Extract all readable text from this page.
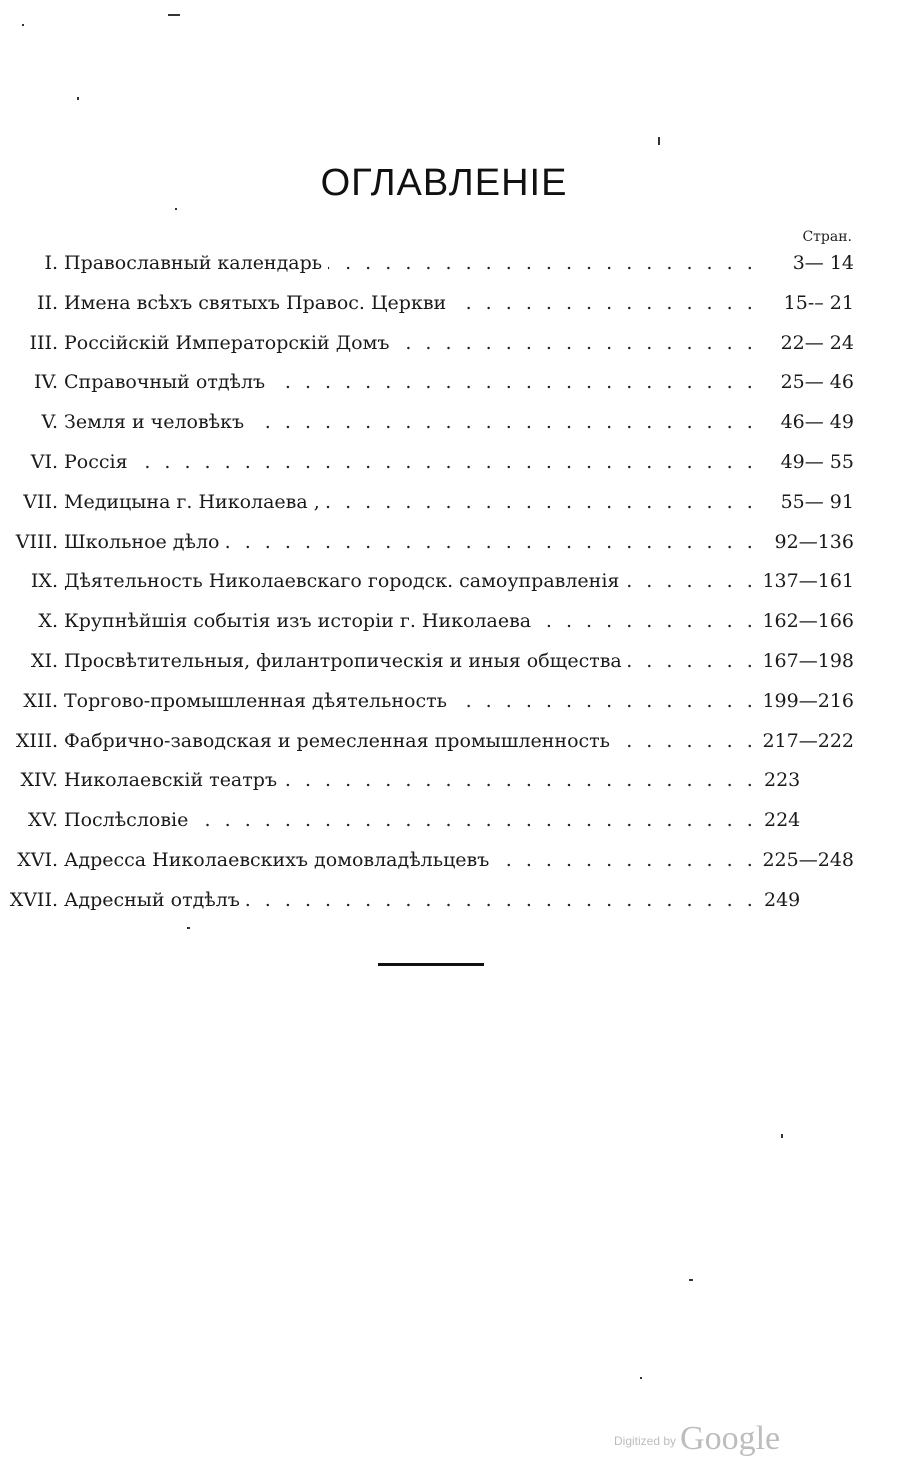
ОГЛАВЛЕНIЕ
Стран.
I. Православный календарь . . .	3— 14
II. Имена всѣхъ святыхъ Правос. Церкви . . .	15-– 21
III. Россiйскiй Императорскiй Домъ . . .	22— 24
IV. Справочный отдѣлъ . . .	25— 46
V. Земля и человѣкъ . . .	46— 49
VI. Россiя . . .	49— 55
VII. Медицына г. Николаева , . . .	55— 91
VIII. Школьное дѣло . . .	92—136
IX. Дѣятельность Николаевскаго городск. самоуправленiя . . .	137—161
X. Крупнѣйшiя событiя изъ исторiи г. Николаева . . .	162—166
XI. Просвѣтительныя, филантропическiя и иныя общества . . .	167—198
XII. Торгово-промышленная дѣятельность . . .	199—216
XIII. Фабрично-заводская и ремесленная промышленность . . .	217—222
XIV. Николаевскiй театръ . . .	223
XV. Послѣсловiе . . .	224
XVI. Адресса Николаевскихъ домовладѣльцевъ . . .	225—248
XVII. Адресный отдѣлъ . . .	249
$^{Digitized by}$ Google
